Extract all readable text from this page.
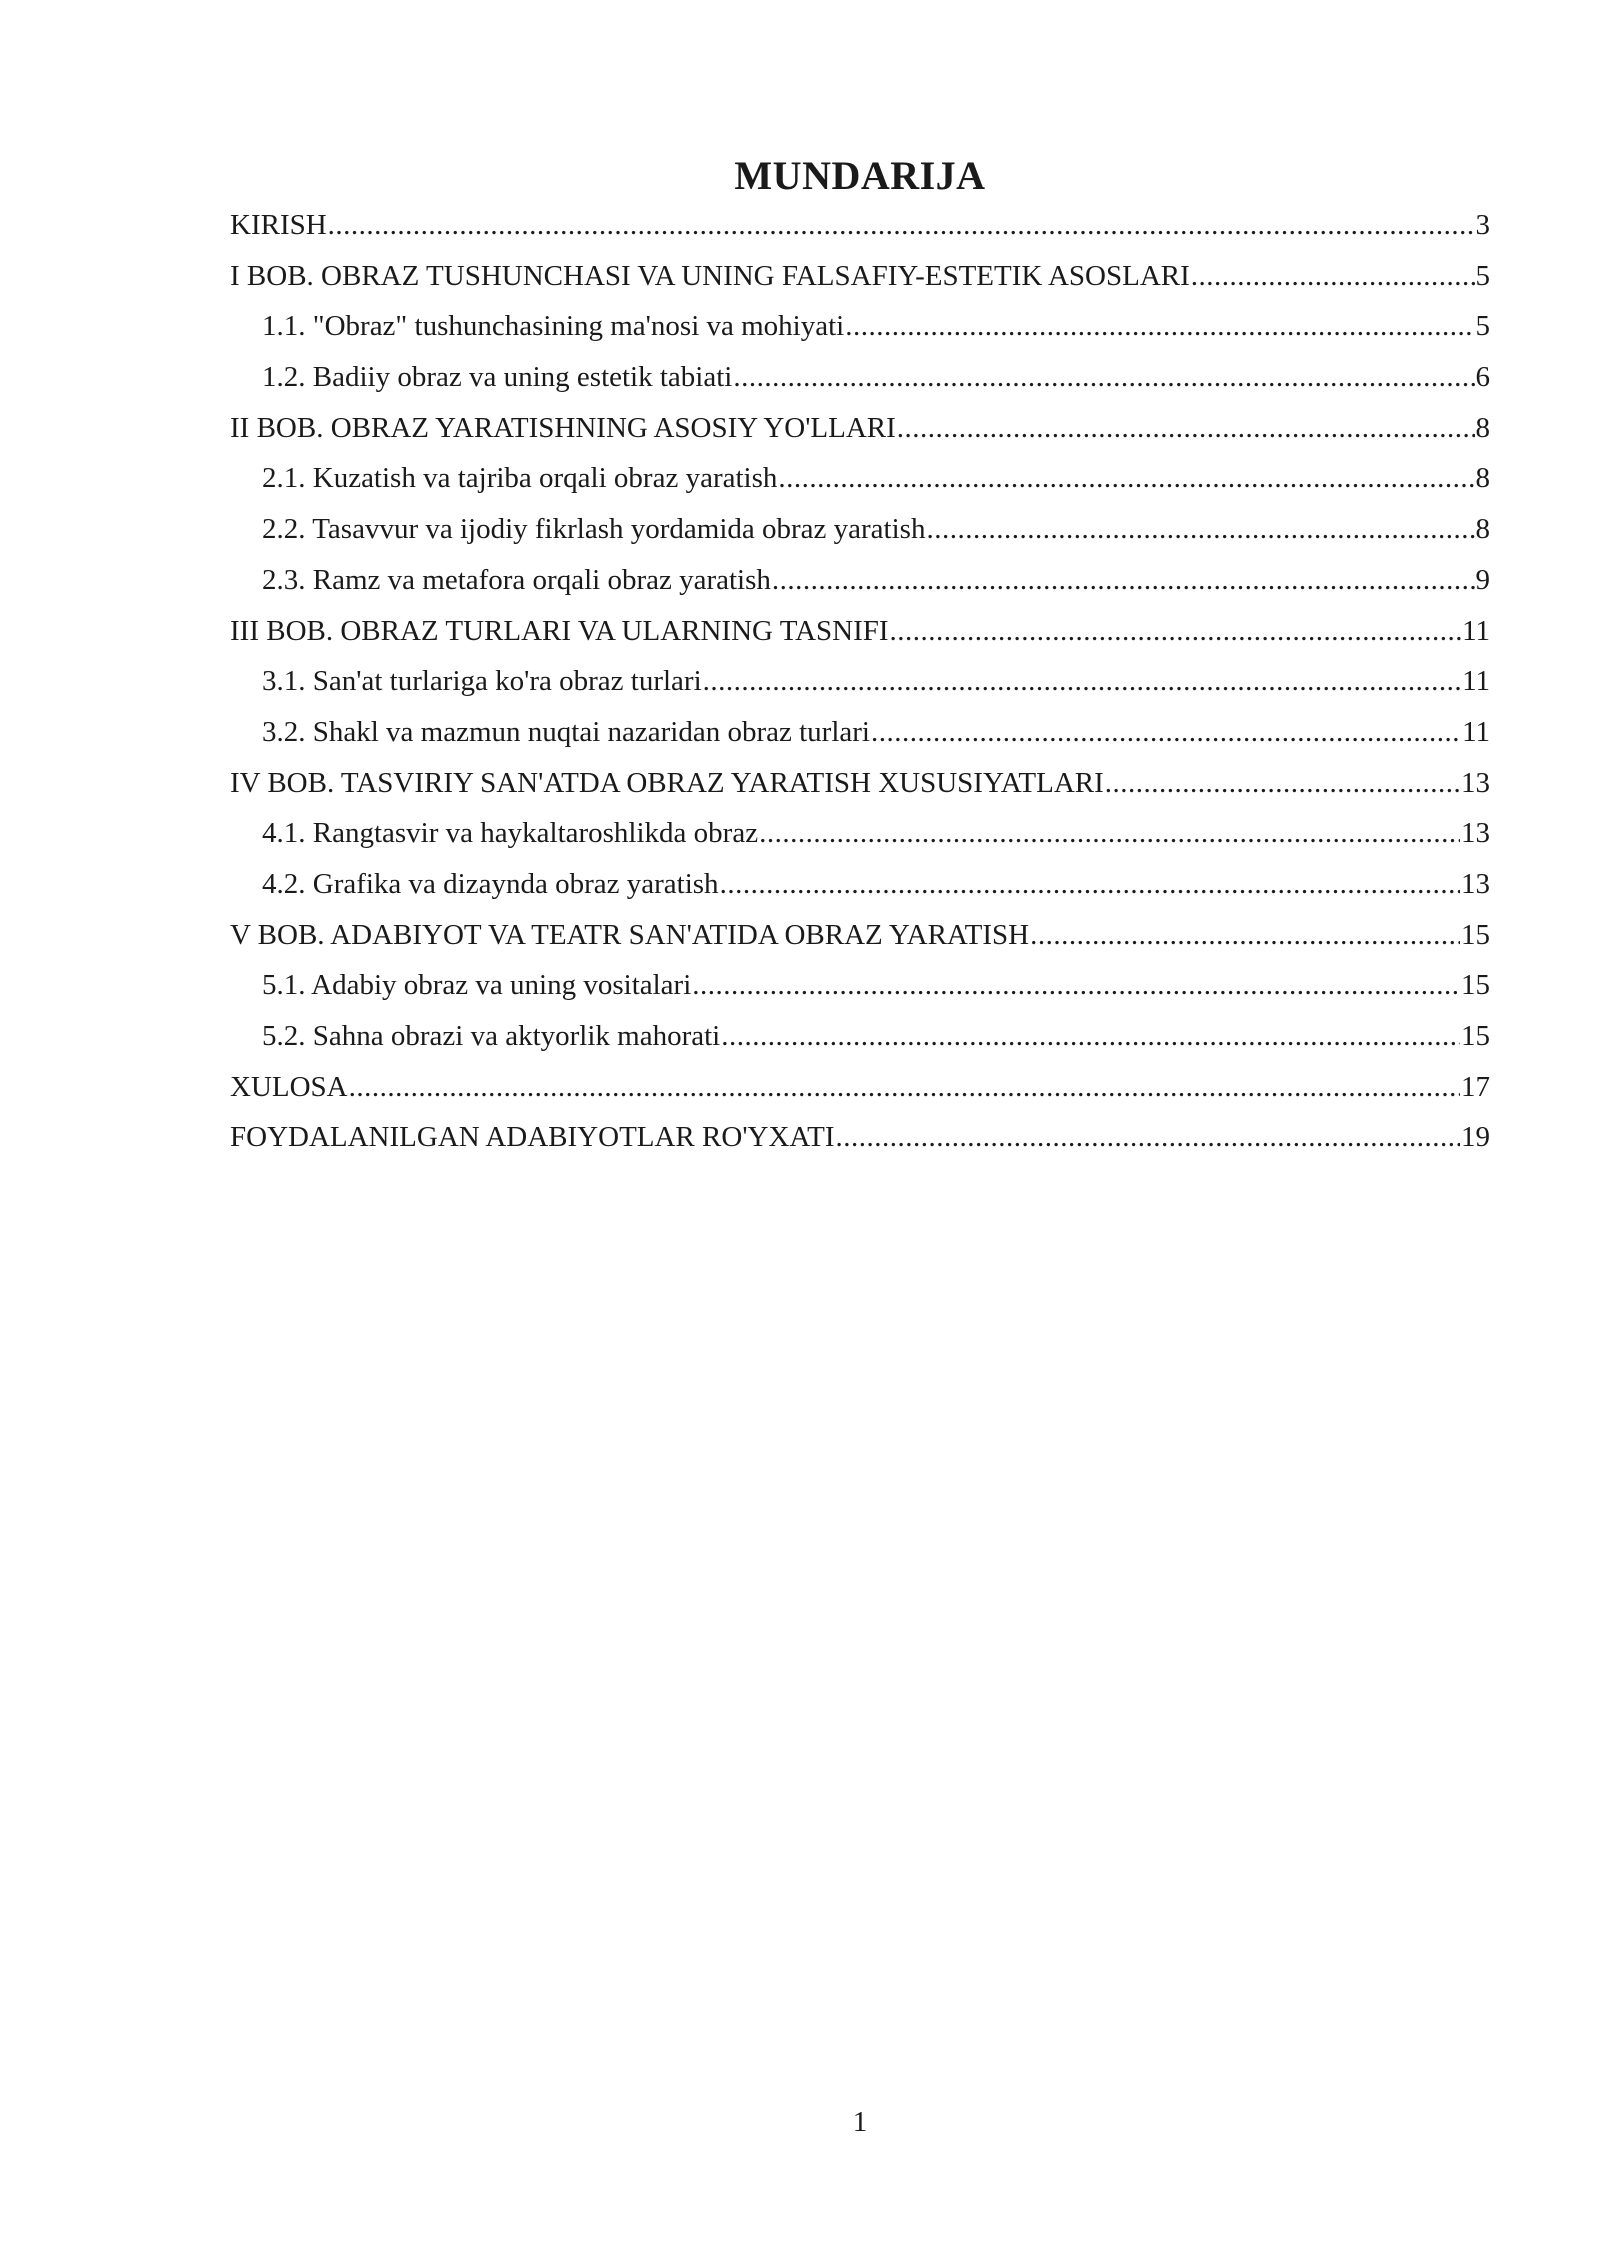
MUNDARIJA
KIRISH .....	3
I BOB. OBRAZ TUSHUNCHASI VA UNING FALSAFIY-ESTETIK ASOSLARI .....	5
1.1. "Obraz" tushunchasining ma'nosi va mohiyati .....	5
1.2. Badiiy obraz va uning estetik tabiati .....	6
II BOB. OBRAZ YARATISHNING ASOSIY YO'LLARI .....	8
2.1. Kuzatish va tajriba orqali obraz yaratish .....	8
2.2. Tasavvur va ijodiy fikrlash yordamida obraz yaratish .....	8
2.3. Ramz va metafora orqali obraz yaratish .....	9
III BOB. OBRAZ TURLARI VA ULARNING TASNIFI .....	11
3.1. San'at turlariga ko'ra obraz turlari .....	11
3.2. Shakl va mazmun nuqtai nazaridan obraz turlari .....	11
IV BOB. TASVIRIY SAN'ATDA OBRAZ YARATISH XUSUSIYATLARI .....	13
4.1. Rangtasvir va haykaltaroshlikda obraz .....	13
4.2. Grafika va dizaynda obraz yaratish .....	13
V BOB. ADABIYOT VA TEATR SAN'ATIDA OBRAZ YARATISH .....	15
5.1. Adabiy obraz va uning vositalari .....	15
5.2. Sahna obrazi va aktyorlik mahorati .....	15
XULOSA .....	17
FOYDALANILGAN ADABIYOTLAR RO'YXATI .....	19
1
